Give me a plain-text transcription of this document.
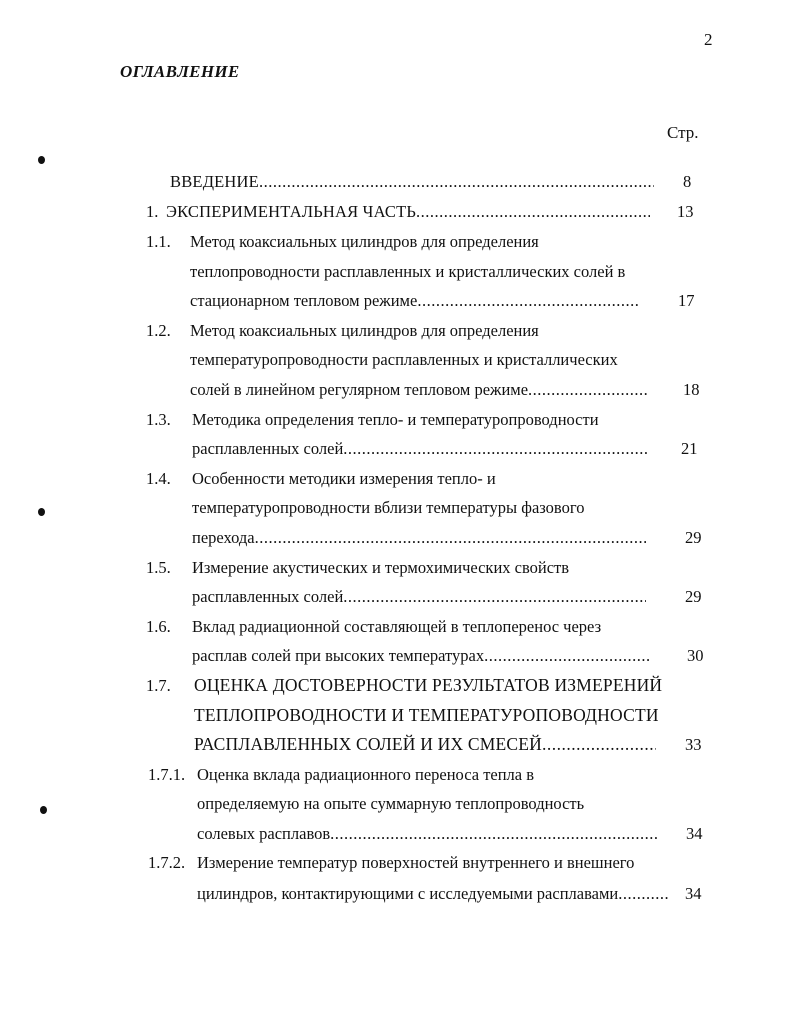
2
ОГЛАВЛЕНИЕ
Стр.
ВВЕДЕНИЕ .....	8
1. ЭКСПЕРИМЕНТАЛЬНАЯ ЧАСТЬ .....	13
1.1. Метод коаксиальных цилиндров для определения
теплопроводности расплавленных и кристаллических солей в
стационарном тепловом режиме .....	17
1.2. Метод коаксиальных цилиндров для определения
температуропроводности расплавленных и кристаллических
солей в линейном регулярном тепловом режиме .....	18
1.3. Методика определения тепло- и температуропроводности
расплавленных солей .....	21
1.4. Особенности методики измерения тепло- и
температуропроводности вблизи температуры фазового
перехода .....	29
1.5. Измерение акустических и термохимических свойств
расплавленных солей .....	29
1.6. Вклад радиационной составляющей в теплоперенос через
расплав солей при высоких температурах .....	30
1.7. ОЦЕНКА ДОСТОВЕРНОСТИ РЕЗУЛЬТАТОВ ИЗМЕРЕНИЙ
ТЕПЛОПРОВОДНОСТИ И ТЕМПЕРАТУРОПОВОДНОСТИ
РАСПЛАВЛЕННЫХ СОЛЕЙ И ИХ СМЕСЕЙ .....	33
1.7.1. Оценка вклада радиационного переноса тепла в
определяемую на опыте суммарную теплопроводность
солевых расплавов .....	34
1.7.2. Измерение температур поверхностей внутреннего и внешнего
цилиндров, контактирующими с исследуемыми расплавами .....	34
